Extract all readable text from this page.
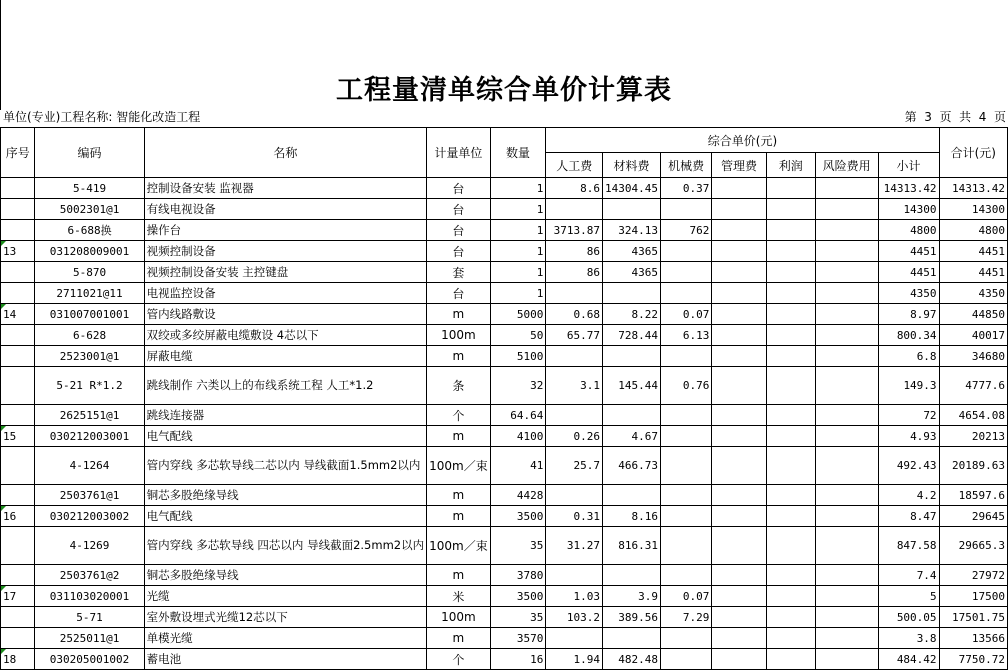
工程量清单综合单价计算表
单位(专业)工程名称: 智能化改造工程	第  3  页  共  4  页
序号	编码	名称	计量单位	数量	综合单价(元)							合计(元)
					人工费	材料费	机械费	管理费	利润	风险费用	小计	
	5-419	控制设备安装 监视器	台	1	8.6	14304.45	0.37				14313.42	14313.42
	5002301@1	有线电视设备	台	1							14300	14300
	6-688换	操作台	台	1	3713.87	324.13	762				4800	4800

13	031208009001	视频控制设备	台	1	86	4365					4451	4451
	5-870	视频控制设备安装 主控键盘	套	1	86	4365					4451	4451
	2711021@11	电视监控设备	台	1							4350	4350

14	031007001001	管内线路敷设	m	5000	0.68	8.22	0.07				8.97	44850
	6-628	双绞或多绞屏蔽电缆敷设 4芯以下	100m	50	65.77	728.44	6.13				800.34	40017
	2523001@1	屏蔽电缆	m	5100							6.8	34680
	5-21 R*1.2	跳线制作 六类以上的布线系统工程 人工*1.2	条	32	3.1	145.44	0.76				149.3	4777.6
	2625151@1	跳线连接器	个	64.64							72	4654.08

15	030212003001	电气配线	m	4100	0.26	4.67					4.93	20213
	4-1264	管内穿线 多芯软导线二芯以内 导线截面1.5mm2以内	100m／束	41	25.7	466.73					492.43	20189.63
	2503761@1	铜芯多股绝缘导线	m	4428							4.2	18597.6

16	030212003002	电气配线	m	3500	0.31	8.16					8.47	29645
	4-1269	管内穿线 多芯软导线 四芯以内 导线截面2.5mm2以内	100m／束	35	31.27	816.31					847.58	29665.3
	2503761@2	铜芯多股绝缘导线	m	3780							7.4	27972

17	031103020001	光缆	米	3500	1.03	3.9	0.07				5	17500
	5-71	室外敷设埋式光缆12芯以下	100m	35	103.2	389.56	7.29				500.05	17501.75
	2525011@1	单模光缆	m	3570							3.8	13566

18	030205001002	蓄电池	个	16	1.94	482.48					484.42	7750.72
